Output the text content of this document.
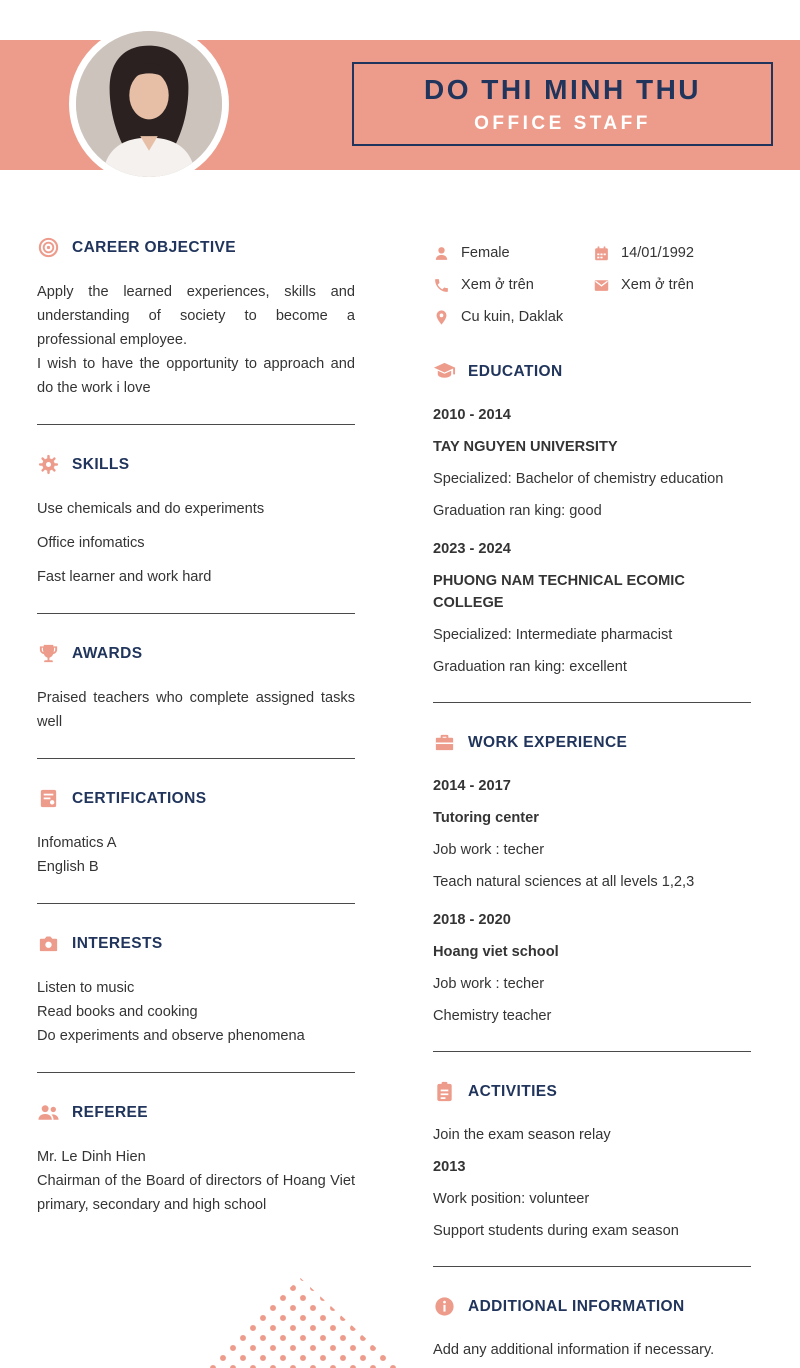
DO THI MINH THU
OFFICE STAFF
CAREER OBJECTIVE

Apply the learned experiences, skills and understanding of society to become a professional employee.

I wish to have the opportunity to approach and do the work i love

SKILLS

Use chemicals and do experiments

Office infomatics

Fast learner and work hard

AWARDS

Praised teachers who complete assigned tasks well

CERTIFICATIONS

Infomatics A

English B

INTERESTS

Listen to music

Read books and cooking

Do experiments and observe phenomena

REFEREE

Mr. Le Dinh Hien

Chairman of the Board of directors of Hoang Viet primary, secondary and high school

Female	14/01/1992
Xem ở trên	Xem ở trên
Cu kuin, Daklak
EDUCATION

2010 - 2014

TAY NGUYEN UNIVERSITY

Specialized: Bachelor of chemistry education

Graduation ran king: good

2023 - 2024

PHUONG NAM TECHNICAL ECOMIC COLLEGE

Specialized: Intermediate pharmacist

Graduation ran king: excellent

WORK EXPERIENCE

2014 - 2017

Tutoring center

Job work : techer

Teach natural sciences at all levels 1,2,3

2018 - 2020

Hoang viet school

Job work : techer

Chemistry teacher

ACTIVITIES

Join the exam season relay

2013

Work position: volunteer

Support students during exam season

ADDITIONAL INFORMATION

Add any additional information if necessary.
